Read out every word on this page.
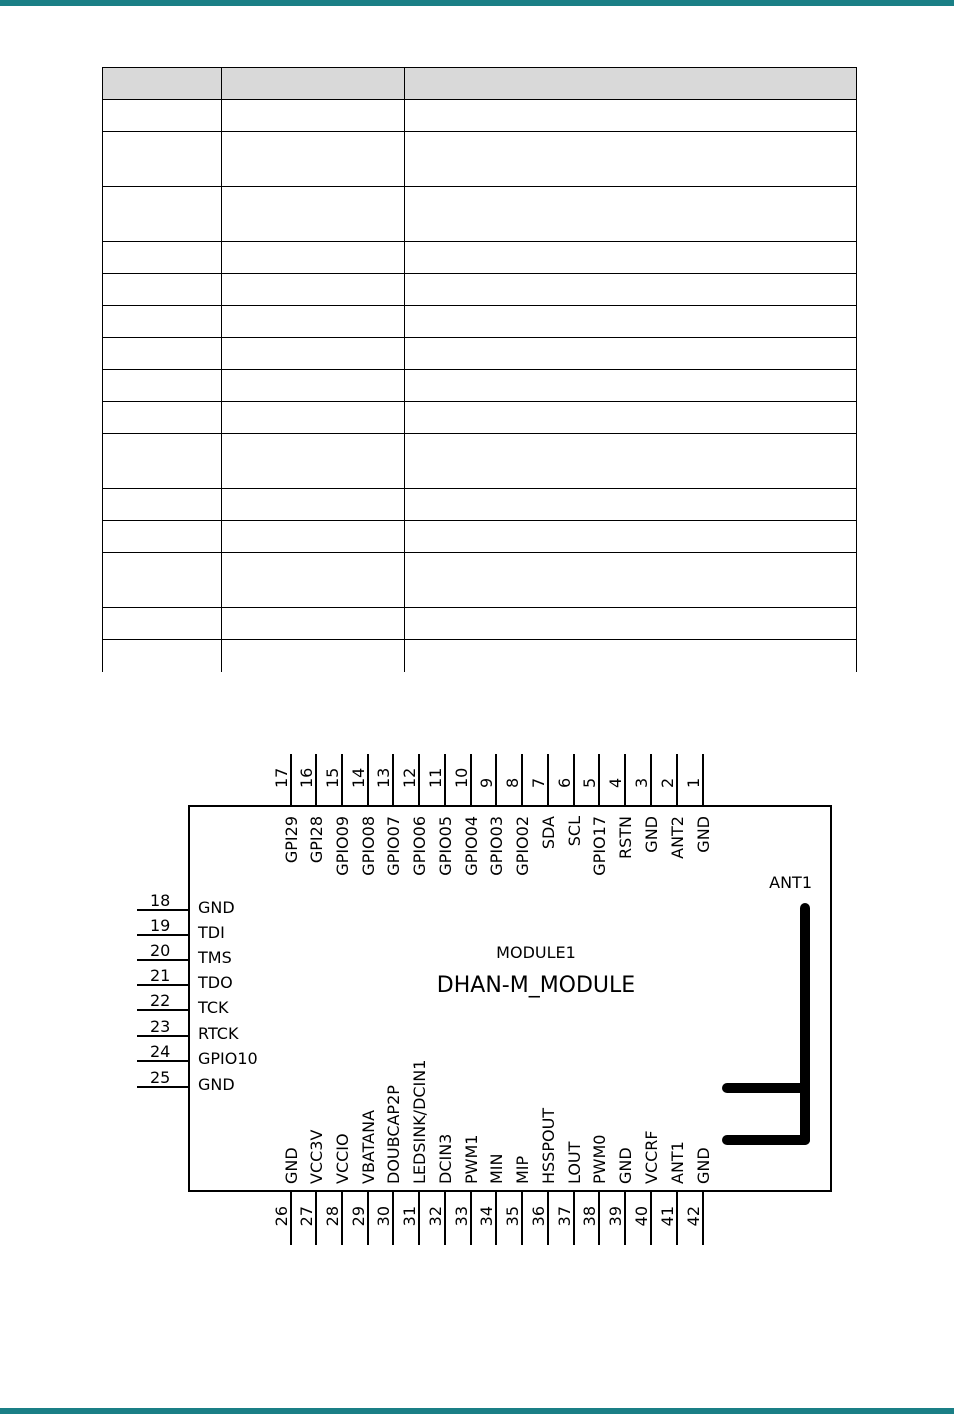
17
GPI29
16
GPI28
15
GPIO09
14
GPIO08
13
GPIO07
12
GPIO06
11
GPIO05
10
GPIO04
9
GPIO03
8
GPIO02
7
SDA
6
SCL
5
GPIO17
4
RSTN
3
GND
2
ANT2
1
GND
18 GND
19 TDI
20 TMS
21 TDO
22 TCK
23 RTCK
24 GPIO10
25 GND
26
GND
27
VCC3V
28
VCCIO
29
VBATANA
30
DOUBCAP2P
31
LEDSINK/DCIN1
32
DCIN3
33
PWM1
34
MIN
35
MIP
36
HSSPOUT
37
LOUT
38
PWM0
39
GND
40
VCCRF
41
ANT1
42
GND
MODULE1
DHAN-M_MODULE
ANT1
